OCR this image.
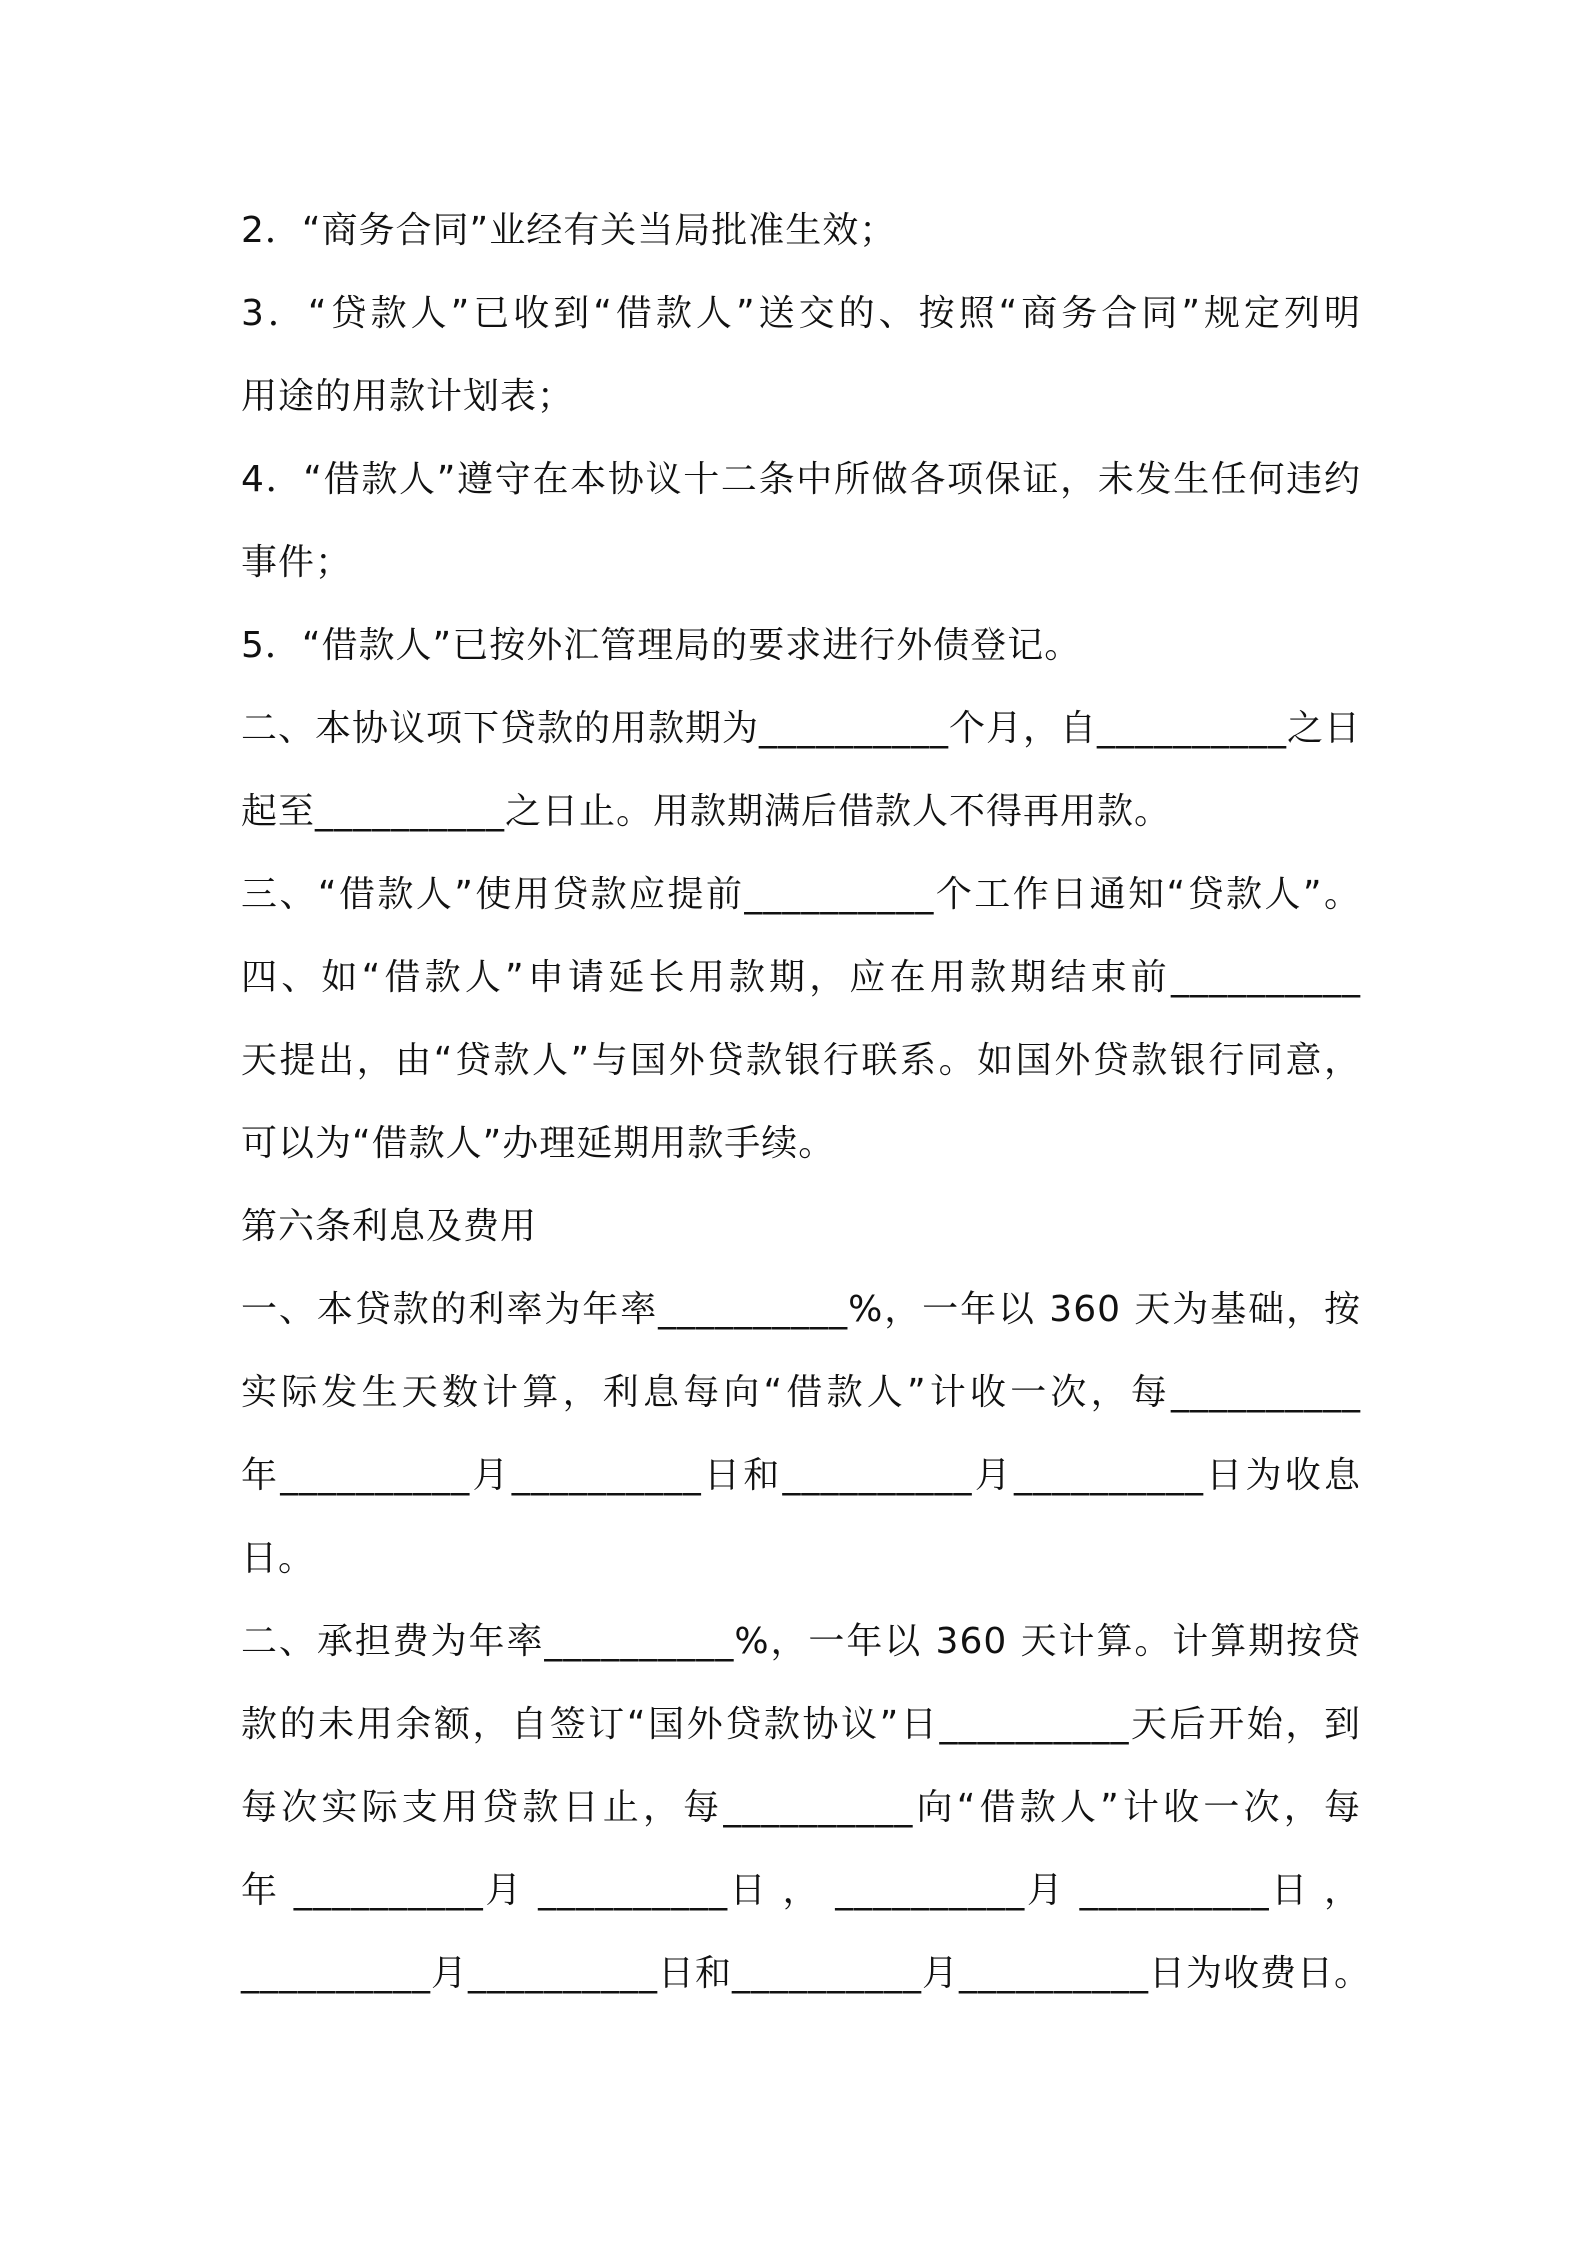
2．“商务合同”业经有关当局批准生效；
3．“贷款人”已收到“借款人”送交的、按照“商务合同”规定列明
用途的用款计划表；
4．“借款人”遵守在本协议十二条中所做各项保证，未发生任何违约
事件；
5．“借款人”已按外汇管理局的要求进行外债登记。
二、本协议项下贷款的用款期为__________个月，自__________之日
起至__________之日止。用款期满后借款人不得再用款。
三、“借款人”使用贷款应提前__________个工作日通知“贷款人”。
四、如“借款人”申请延长用款期，应在用款期结束前__________
天提出，由“贷款人”与国外贷款银行联系。如国外贷款银行同意，
可以为“借款人”办理延期用款手续。
第六条利息及费用
一、本贷款的利率为年率__________%，一年以 360 天为基础，按
实际发生天数计算，利息每向“借款人”计收一次，每__________
年__________月__________日和__________月__________日为收息
日。
二、承担费为年率__________%，一年以 360 天计算。计算期按贷
款的未用余额，自签订“国外贷款协议”日__________天后开始，到
每次实际支用贷款日止，每__________向“借款人”计收一次，每
年 __________月 __________日 ， __________月 __________日 ，
__________月__________日和__________月__________日为收费日。
